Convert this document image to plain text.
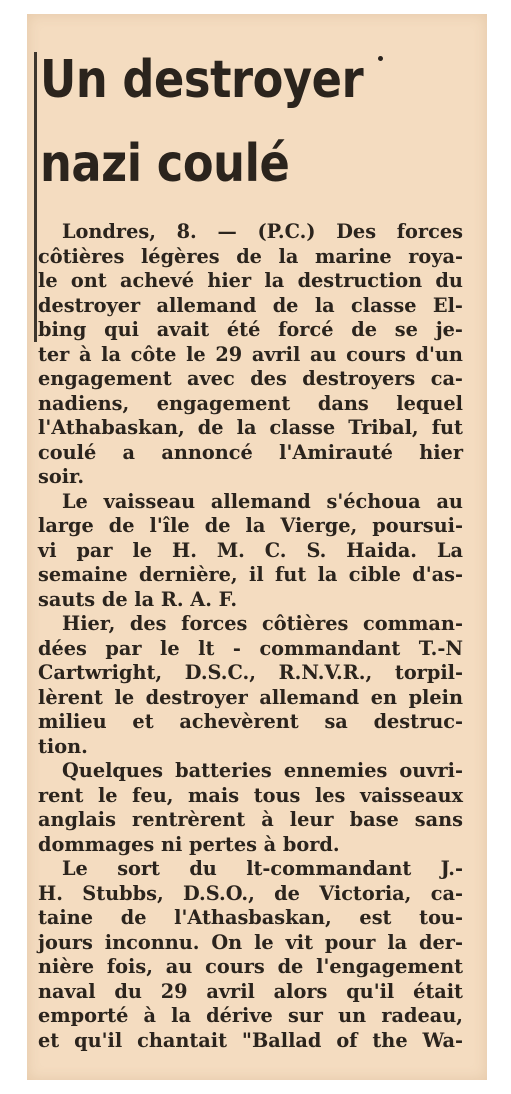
Un destroyer
nazi coulé
Londres, 8. — (P.C.) Des forces
côtières légères de la marine roya-
le ont achevé hier la destruction du
destroyer allemand de la classe El-
bing qui avait été forcé de se je-
ter à la côte le 29 avril au cours d'un
engagement avec des destroyers ca-
nadiens, engagement dans lequel
l'Athabaskan, de la classe Tribal, fut
coulé a annoncé l'Amirauté hier
soir.
Le vaisseau allemand s'échoua au
large de l'île de la Vierge, poursui-
vi par le H. M. C. S. Haida. La
semaine dernière, il fut la cible d'as-
sauts de la R. A. F.
Hier, des forces côtières comman-
dées par le lt - commandant T.-N
Cartwright, D.S.C., R.N.V.R., torpil-
lèrent le destroyer allemand en plein
milieu et achevèrent sa destruc-
tion.
Quelques batteries ennemies ouvri-
rent le feu, mais tous les vaisseaux
anglais rentrèrent à leur base sans
dommages ni pertes à bord.
Le sort du lt-commandant J.-
H. Stubbs, D.S.O., de Victoria, ca-
taine de l'Athasbaskan, est tou-
jours inconnu. On le vit pour la der-
nière fois, au cours de l'engagement
naval du 29 avril alors qu'il était
emporté à la dérive sur un radeau,
et qu'il chantait "Ballad of the Wa-
